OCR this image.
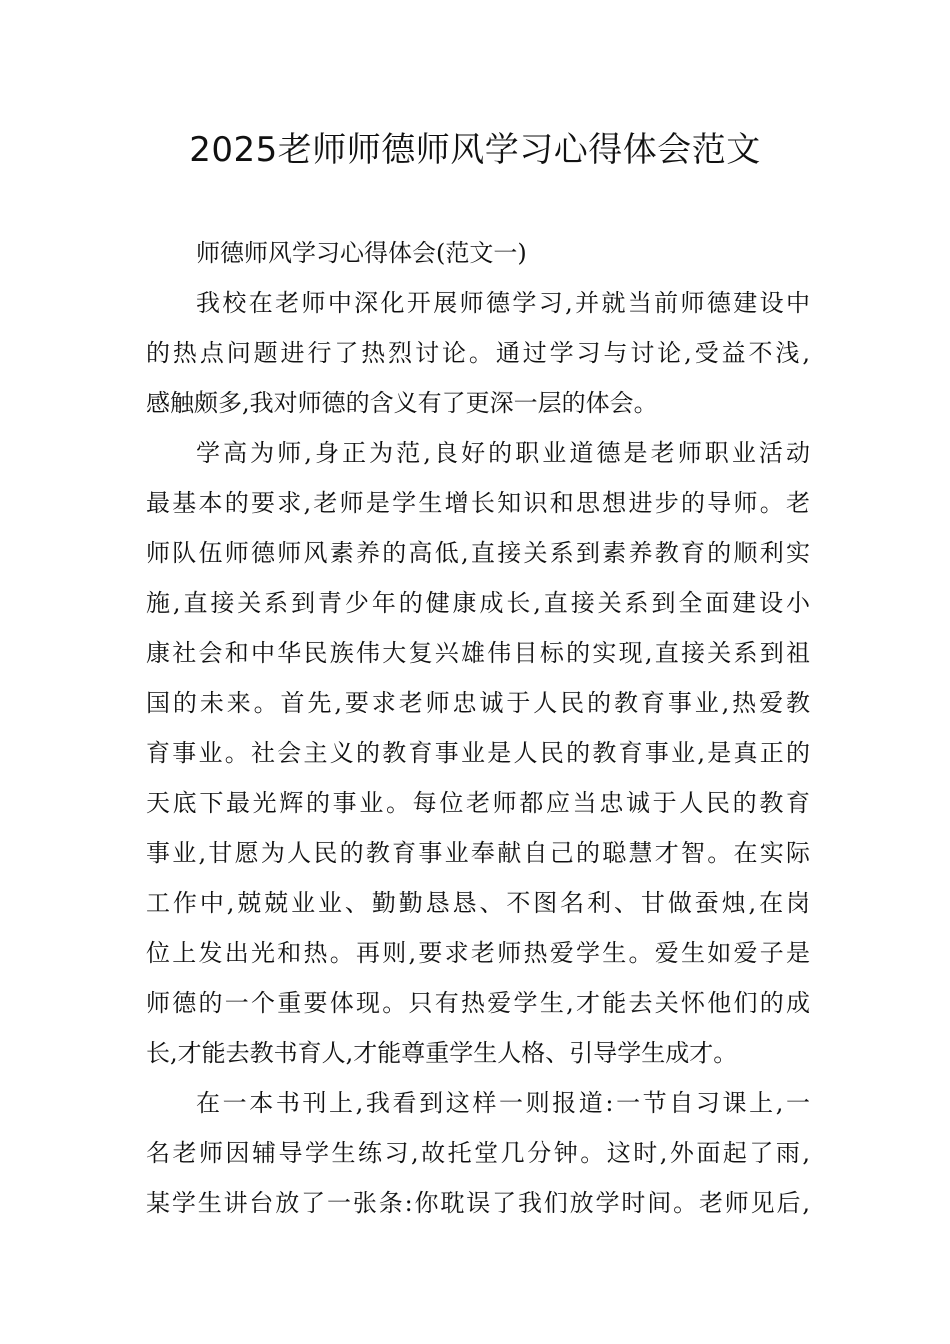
2025老师师德师风学习心得体会范文
师德师风学习心得体会(范文一)
我校在老师中深化开展师德学习,并就当前师德建设中
的热点问题进行了热烈讨论。通过学习与讨论,受益不浅,
感触颇多,我对师德的含义有了更深一层的体会。
学高为师,身正为范,良好的职业道德是老师职业活动
最基本的要求,老师是学生增长知识和思想进步的导师。老
师队伍师德师风素养的高低,直接关系到素养教育的顺利实
施,直接关系到青少年的健康成长,直接关系到全面建设小
康社会和中华民族伟大复兴雄伟目标的实现,直接关系到祖
国的未来。首先,要求老师忠诚于人民的教育事业,热爱教
育事业。社会主义的教育事业是人民的教育事业,是真正的
天底下最光辉的事业。每位老师都应当忠诚于人民的教育
事业,甘愿为人民的教育事业奉献自己的聪慧才智。在实际
工作中,兢兢业业、勤勤恳恳、不图名利、甘做蚕烛,在岗
位上发出光和热。再则,要求老师热爱学生。爱生如爱子是
师德的一个重要体现。只有热爱学生,才能去关怀他们的成
长,才能去教书育人,才能尊重学生人格、引导学生成才。
在一本书刊上,我看到这样一则报道:一节自习课上,一
名老师因辅导学生练习,故托堂几分钟。这时,外面起了雨,
某学生讲台放了一张条:你耽误了我们放学时间。老师见后,
